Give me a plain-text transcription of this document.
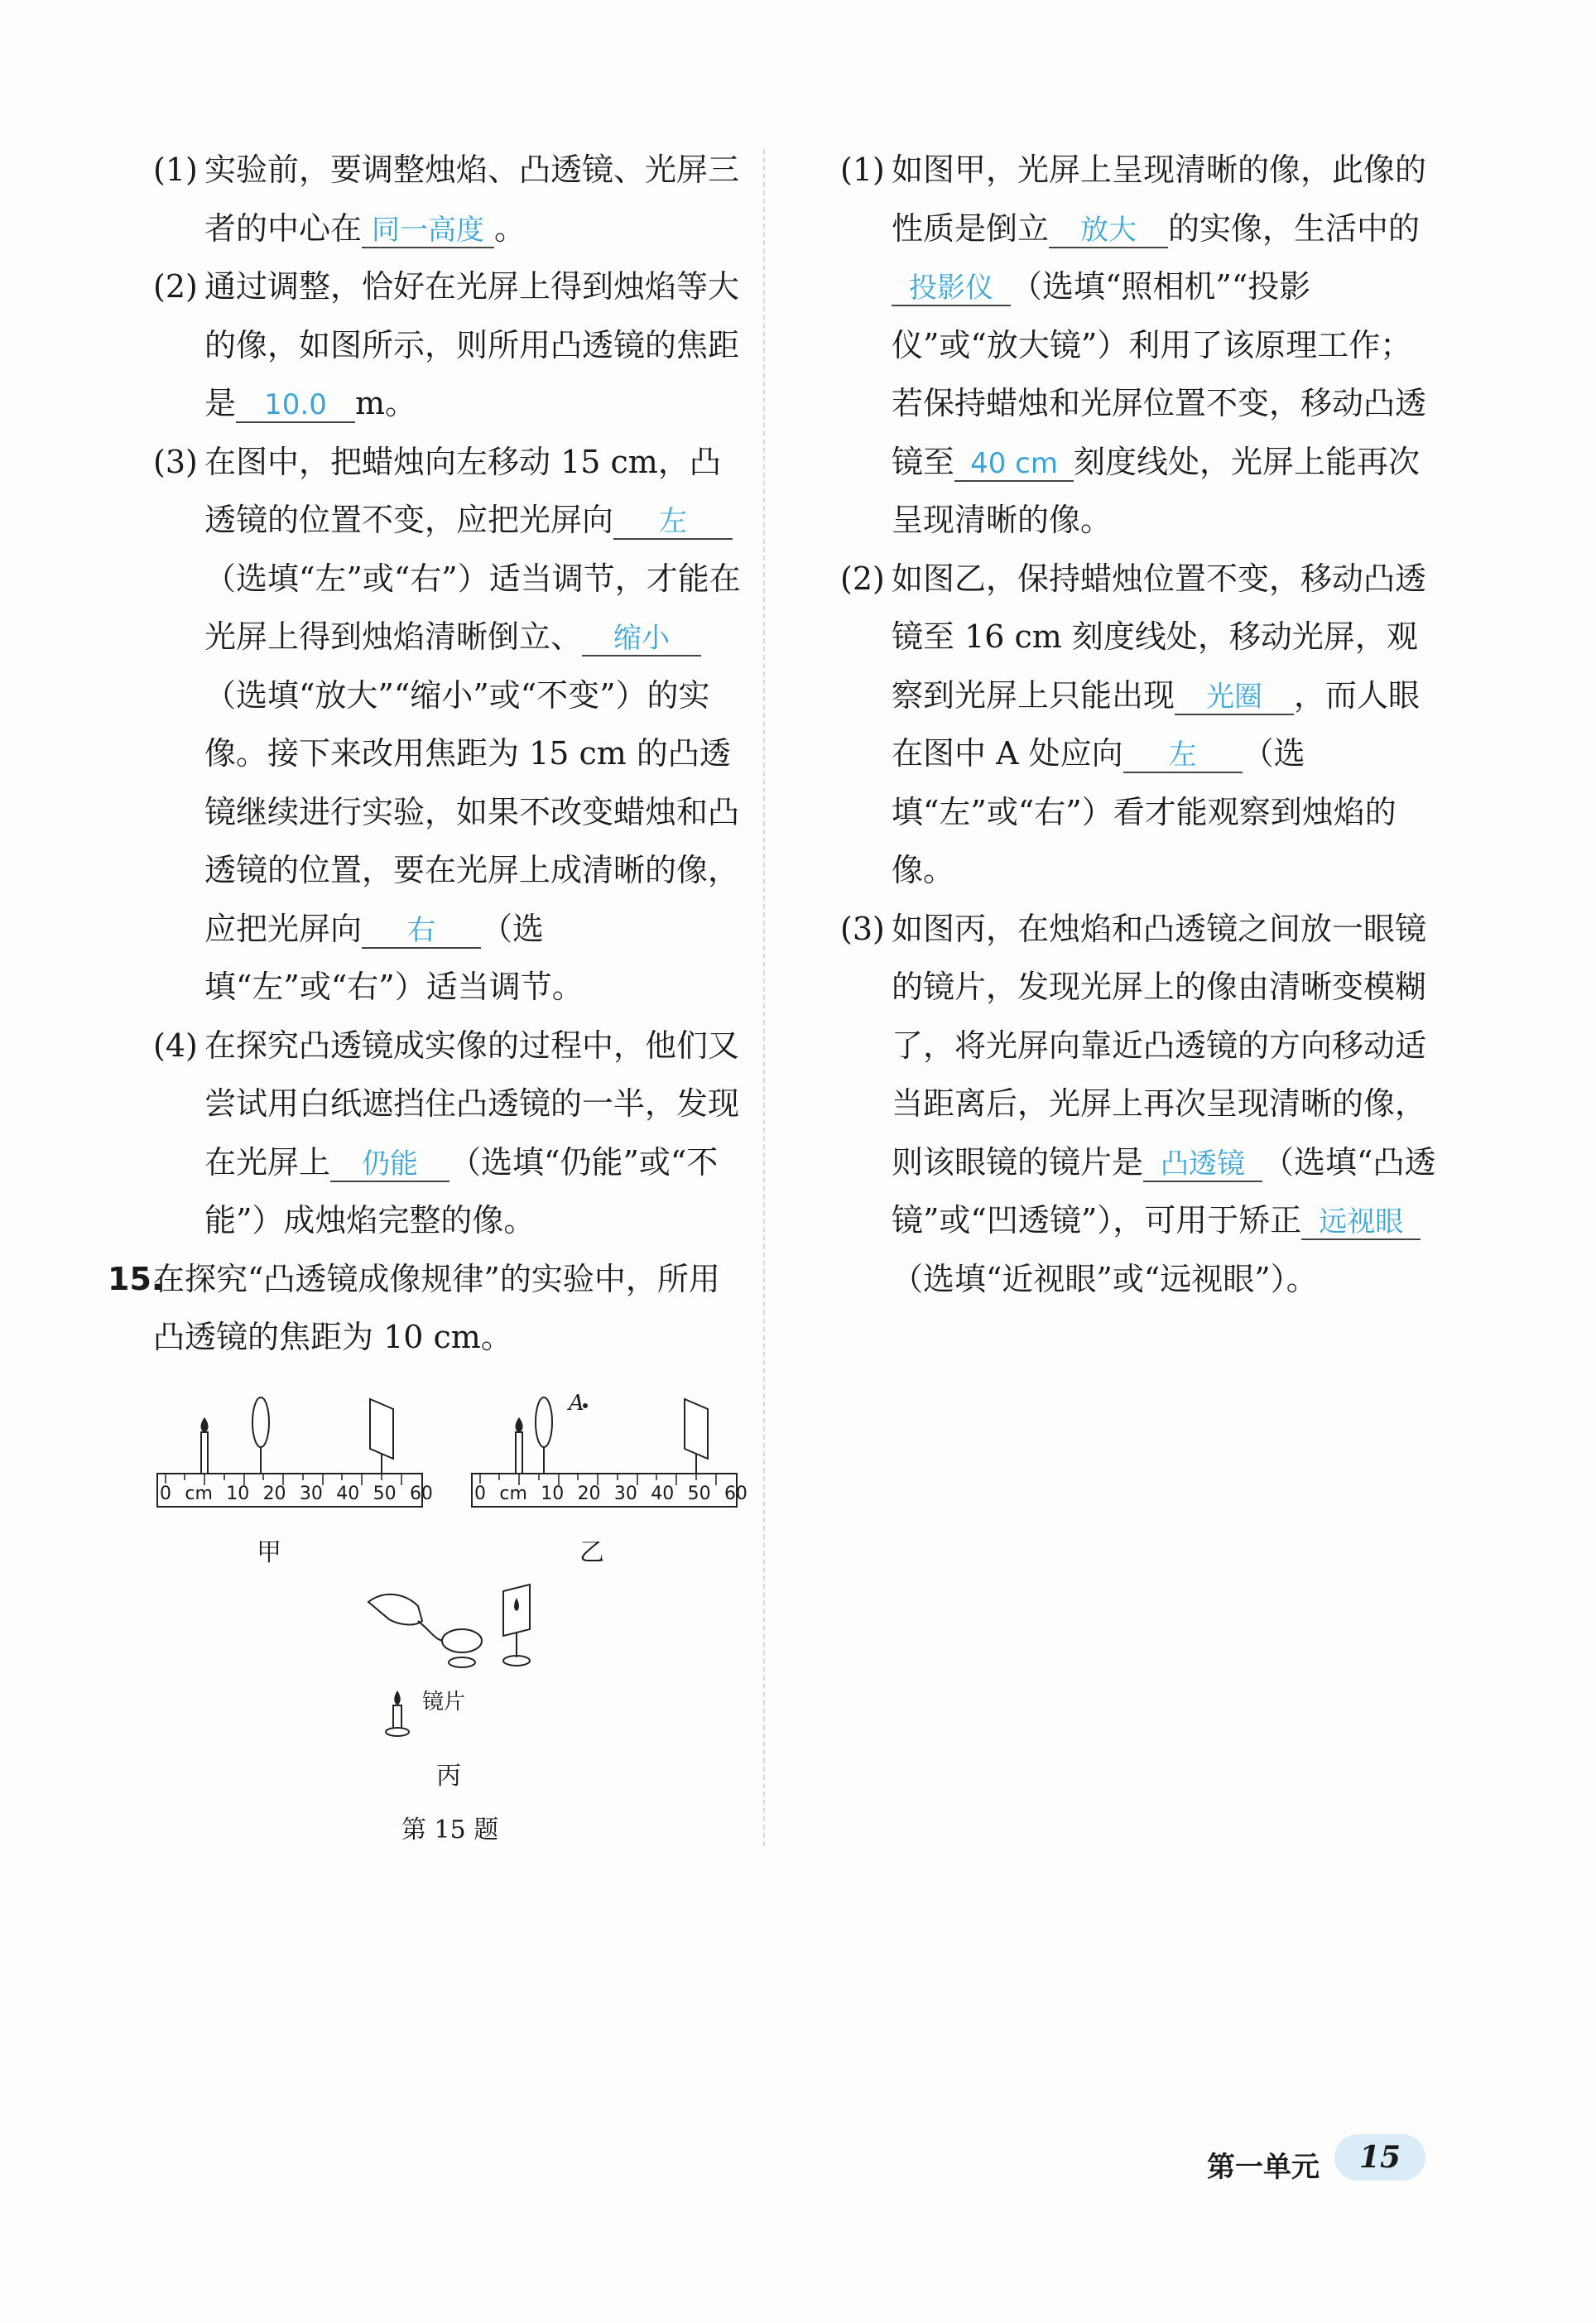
(1) 实验前，要调整烛焰、凸透镜、光屏三者的中心在 同一高度 。
(2) 通过调整，恰好在光屏上得到烛焰等大的像，如图所示，则所用凸透镜的焦距是 10.0 m。
(3) 在图中，把蜡烛向左移动 15 cm，凸透镜的位置不变，应把光屏向 左（选填“左”或“右”）适当调节，才能在光屏上得到烛焰清晰倒立、 缩小（选填“放大”“缩小”或“不变”）的实像。接下来改用焦距为 15 cm 的凸透镜继续进行实验，如果不改变蜡烛和凸透镜的位置，要在光屏上成清晰的像，应把光屏向 右 （选填“左”或“右”）适当调节。
(4) 在探究凸透镜成实像的过程中，他们又尝试用白纸遮挡住凸透镜的一半，发现在光屏上 仍能 （选填“仍能”或“不能”）成烛焰完整的像。
15.
在探究“凸透镜成像规律”的实验中，所用凸透镜的焦距为 10 cm。
(1) 如图甲，光屏上呈现清晰的像，此像的性质是倒立 放大 的实像，生活中的投影仪 （选填“照相机”“投影仪”或“放大镜”）利用了该原理工作；若保持蜡烛和光屏位置不变，移动凸透镜至 40 cm 刻度线处，光屏上能再次呈现清晰的像。
(2) 如图乙，保持蜡烛位置不变，移动凸透镜至 16 cm 刻度线处，移动光屏，观察到光屏上只能出现 光圈 ，而人眼在图中 A 处应向 左 （选填“左”或“右”）看才能观察到烛焰的像。
(3) 如图丙，在烛焰和凸透镜之间放一眼镜的镜片，发现光屏上的像由清晰变模糊了，将光屏向靠近凸透镜的方向移动适当距离后，光屏上再次呈现清晰的像，则该眼镜的镜片是 凸透镜 （选填“凸透镜”或“凹透镜”），可用于矫正 远视眼（选填“近视眼”或“远视眼”）。
0 cm 10 20 30 40 50 60
甲
A
0 cm 10 20 30 40 50 60
乙
镜片
丙
第 15 题
第一单元	15
